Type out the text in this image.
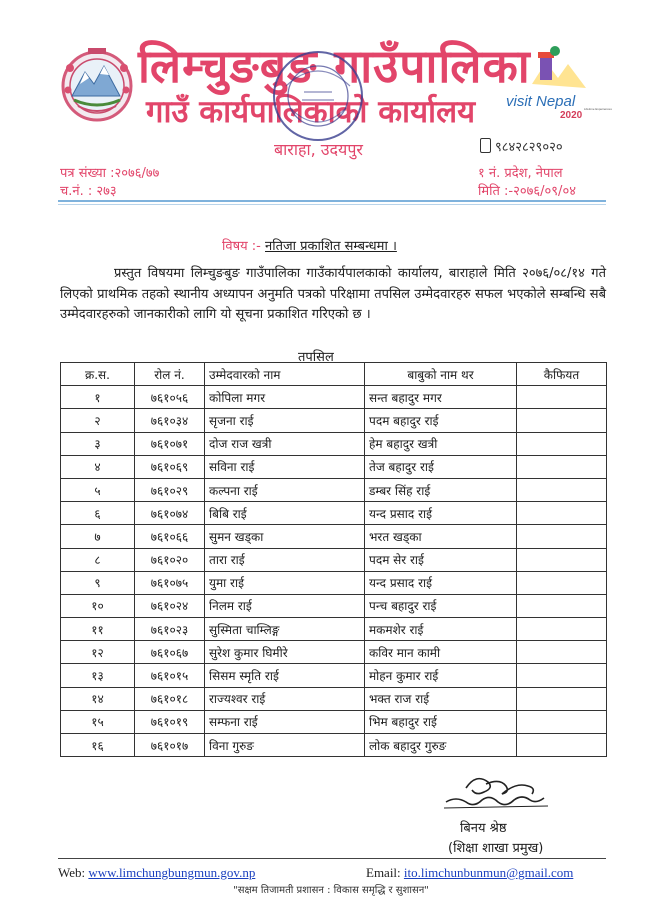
लिम्चुङबुङ गाउँपालिका
गाउँ कार्यपालिकाको कार्यालय	visit Nepal
2020
Lifetime Experiences
बाराहा, उदयपुर	९८४२८२९०२०
पत्र संख्या :२०७६/७७
च.नं. : २७३
१ नं. प्रदेश, नेपाल
मिति :-२०७६/०९/०४
विषय :- नतिजा प्रकाशित सम्बन्धमा ।
प्रस्तुत विषयमा लिम्चुङबुङ गाउँपालिका गाउँकार्यपालकाको कार्यालय, बाराहाले मिति २०७६/०८/१४ गते लिएको प्राथमिक तहको स्थानीय अध्यापन अनुमति पत्रको परिक्षामा तपसिल उम्मेदवारहरु सफल भएकोले सम्बन्धि सबै उम्मेदवारहरुको जानकारीको लागि यो सूचना प्रकाशित गरिएको छ ।
तपसिल
क्र.स.	रोल नं.	उम्मेदवारको नाम	बाबुको नाम थर	कैफियत
१	७६१०५६	कोपिला मगर	सन्त बहादुर मगर	
२	७६१०३४	सृजना राई	पदम बहादुर राई	
३	७६१०७१	दोज राज खत्री	हेम बहादुर खत्री	
४	७६१०६९	सविना राई	तेज बहादुर राई	
५	७६१०२९	कल्पना राई	डम्बर सिंह राई	
६	७६१०७४	बिबि राई	यन्द प्रसाद राई	
७	७६१०६६	सुमन खड्का	भरत खड्का	
८	७६१०२०	तारा राई	पदम सेर राई	
९	७६१०७५	युमा राई	यन्द प्रसाद राई	
१०	७६१०२४	निलम राई	पन्च बहादुर राई	
११	७६१०२३	सुस्मिता चाम्लिङ्ग	मकमशेर राई	
१२	७६१०६७	सुरेश कुमार घिमीरे	कविर मान कामी	
१३	७६१०१५	सिसम स्मृति राई	मोहन कुमार राई	
१४	७६१०१८	राज्यश्वर राई	भक्त राज राई	
१५	७६१०१९	सम्फना राई	भिम बहादुर राई	
१६	७६१०१७	विना गुरुङ	लोक बहादुर गुरुङ	
बिनय श्रेष्ठ
(शिक्षा शाखा प्रमुख)
Web: www.limchungbungmun.gov.np	Email: ito.limchunbunmun@gmail.com
"सक्षम तिजामती प्रशासन : विकास समृद्धि र सुशासन"
